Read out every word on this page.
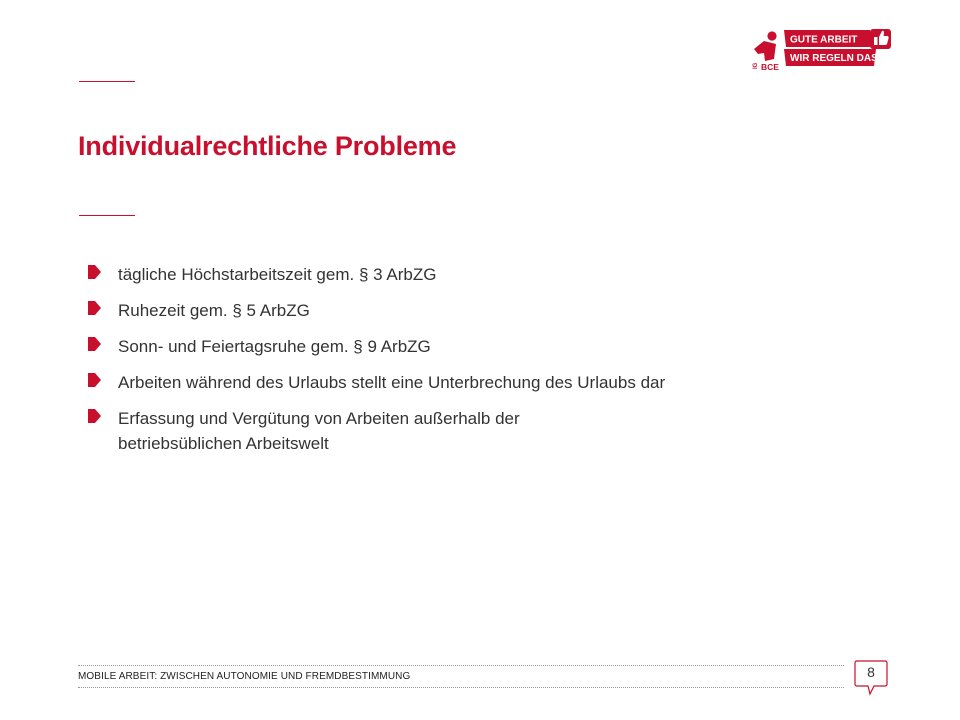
IG BCE
GUTE ARBEIT
WIR REGELN DAS
Individualrechtliche Probleme
tägliche Höchstarbeitszeit gem. § 3 ArbZG
Ruhezeit gem. § 5 ArbZG
Sonn- und Feiertagsruhe gem. § 9 ArbZG
Arbeiten während des Urlaubs stellt eine Unterbrechung des Urlaubs dar
Erfassung und Vergütung von Arbeiten außerhalb der
betriebsüblichen Arbeitswelt
MOBILE ARBEIT: ZWISCHEN AUTONOMIE UND FREMDBESTIMMUNG	8
